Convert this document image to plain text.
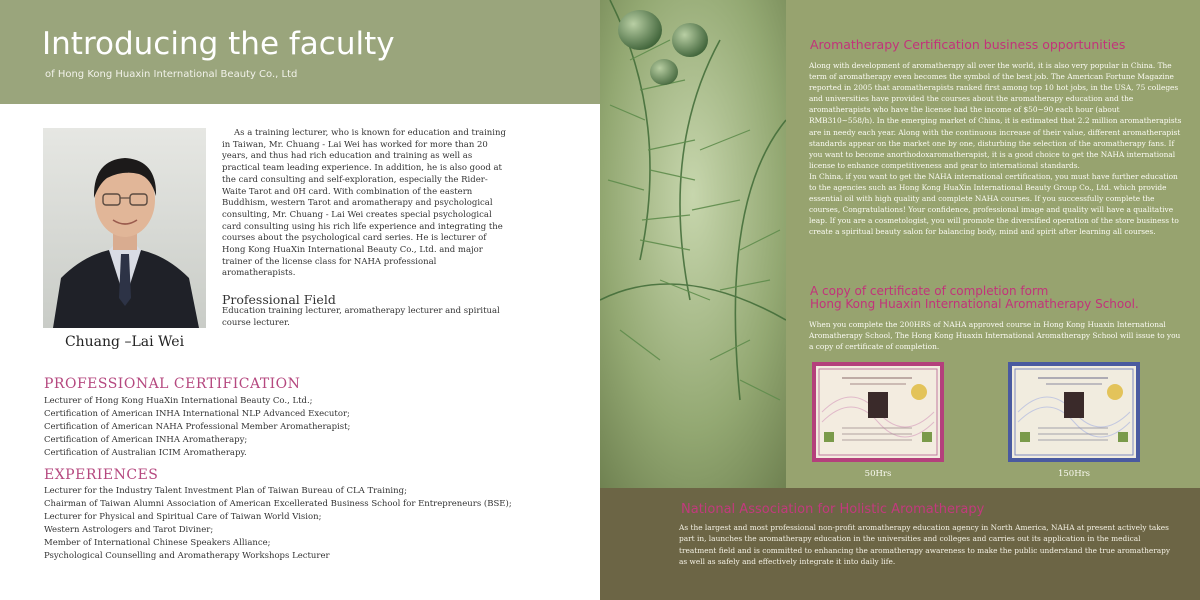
Introducing the faculty
of Hong Kong Huaxin International Beauty Co., Ltd
Chuang –Lai Wei

As a training lecturer, who is known for education and training in Taiwan, Mr. Chuang - Lai Wei has worked for more than 20 years, and thus had rich education and training as well as practical team leading experience. In addition, he is also good at the card consulting and self-exploration, especially the Rider-Waite Tarot and 0H card. With combination of the eastern Buddhism, western Tarot and aromatherapy and psychological consulting, Mr. Chuang - Lai Wei creates special psychological card consulting using his rich life experience and integrating the courses about the psychological card series. He is lecturer of Hong Kong HuaXin International Beauty Co., Ltd. and major trainer of the license class for NAHA professional aromatherapists.

Professional Field

Education training lecturer, aromatherapy lecturer and spiritual course lecturer.

PROFESSIONAL CERTIFICATION
Lecturer of Hong Kong HuaXin International Beauty Co., Ltd.;
Certification of American INHA International NLP Advanced Executor;
Certification of American NAHA Professional Member Aromatherapist;
Certification of American INHA Aromatherapy;
Certification of Australian ICIM Aromatherapy.
EXPERIENCES
Lecturer for the Industry Talent Investment Plan of Taiwan Bureau of CLA Training;
Chairman of Taiwan Alumni Association of American Excellerated Business School for Entrepreneurs (BSE);
Lecturer for Physical and Spiritual Care of Taiwan World Vision;
Western Astrologers and Tarot Diviner;
Member of International Chinese Speakers Alliance;
Psychological Counselling and Aromatherapy Workshops Lecturer
Aromatherapy Certification business opportunities

Along with development of aromatherapy all over the world, it is also very popular in China. The term of aromatherapy even becomes the symbol of the best job. The American Fortune Magazine reported in 2005 that aromatherapists ranked first among top 10 hot jobs, in the USA, 75 colleges and universities have provided the courses about the aromatherapy education and the aromatherapists who have the license had the income of $50~90 each hour (about RMB310~558/h). In the emerging market of China, it is estimated that 2.2 million aromatherapists are in needy each year. Along with the continuous increase of their value, different aromatherapist standards appear on the market one by one, disturbing the selection of the aromatherapy fans. If you want to become anorthodoxaromatherapist, it is a good choice to get the NAHA international license to enhance competitiveness and gear to international standards.

In China, if you want to get the NAHA international certification, you must have further education to the agencies such as Hong Kong HuaXin International Beauty Group Co., Ltd. which provide essential oil with high quality and complete NAHA courses. If you successfully complete the courses, Congratulations! Your confidence, professional image and quality will have a qualitative leap. If you are a cosmetologist, you will promote the diversified operation of the store business to create a spiritual beauty salon for balancing body, mind and spirit after learning all courses.

A copy of certificate of completion form
Hong Kong Huaxin International Aromatherapy School.

When you complete the 200HRS of NAHA approved course in Hong Kong Huaxin International Aromatherapy School, The Hong Kong Huaxin International Aromatherapy School will issue to you a copy of certificate of completion.

50Hrs	150Hrs
National Association for Holistic Aromatherapy

As the largest and most professional non-profit aromatherapy education agency in North America, NAHA at present actively takes part in, launches the aromatherapy education in the universities and colleges and carries out its application in the medical treatment field and is committed to enhancing the aromatherapy awareness to make the public understand the true aromatherapy as well as safely and effectively integrate it into daily life.
